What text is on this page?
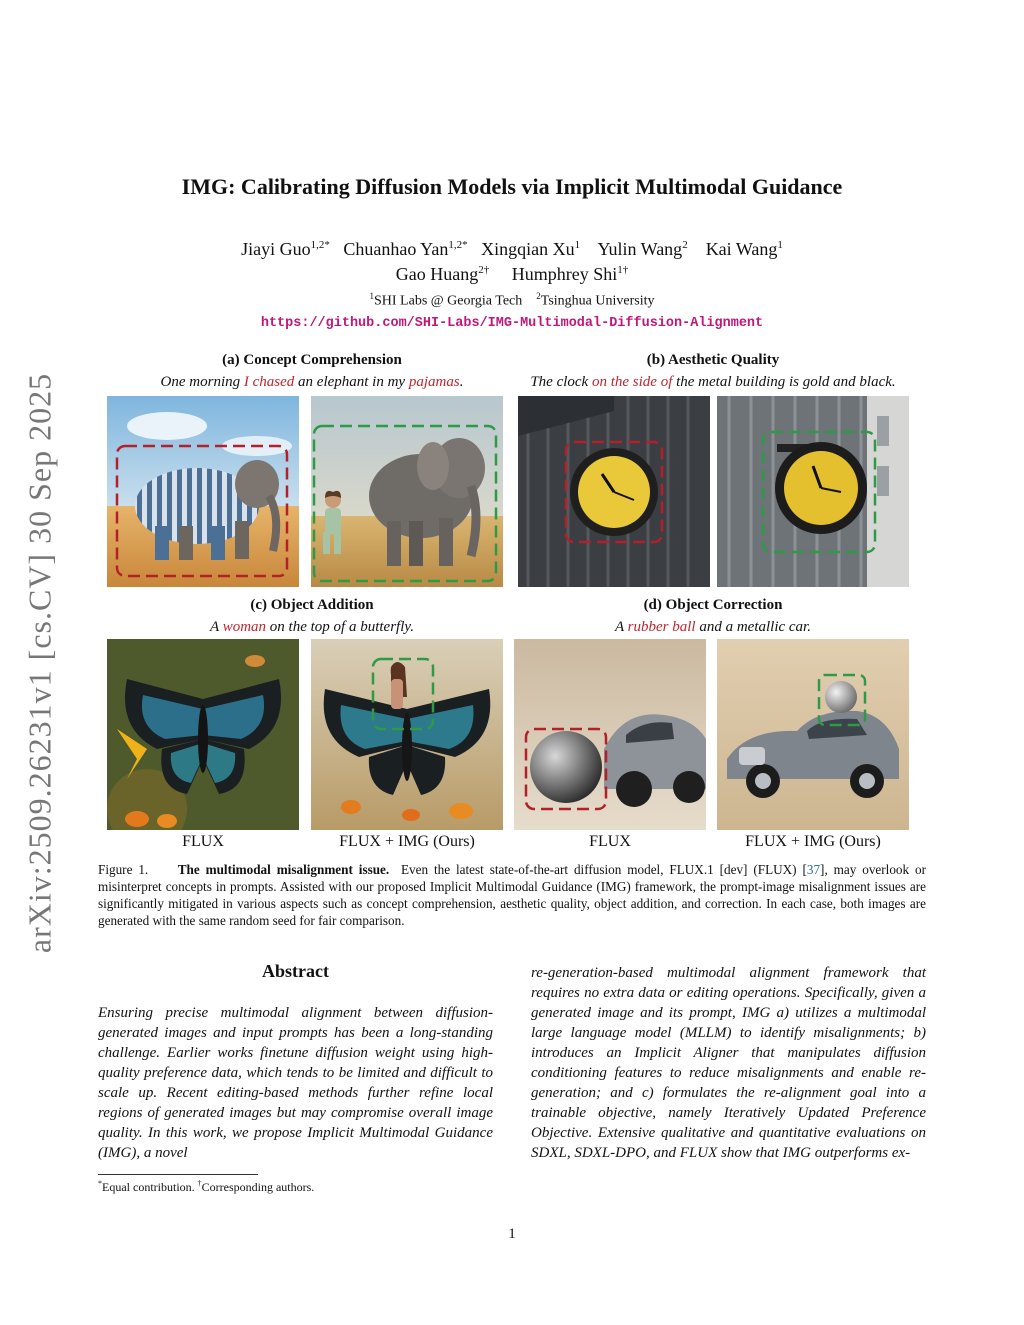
arXiv:2509.26231v1 [cs.CV] 30 Sep 2025
IMG: Calibrating Diffusion Models via Implicit Multimodal Guidance
Jiayi Guo$^{1,2*}$ Chuanhao Yan$^{1,2*}$ Xingqian Xu$^1$ Yulin Wang$^2$ Kai Wang$^1$
Gao Huang$^{2\dagger}$ Humphrey Shi$^{1\dagger}$
$^1$SHI Labs @ Georgia Tech $^2$Tsinghua University
https://github.com/SHI-Labs/IMG-Multimodal-Diffusion-Alignment
(a) Concept Comprehension
One morning I chased an elephant in my pajamas.
(b) Aesthetic Quality
The clock on the side of the metal building is gold and black.
(c) Object Addition
A woman on the top of a butterfly.
(d) Object Correction
A rubber ball and a metallic car.
FLUX	FLUX + IMG (Ours)	FLUX	FLUX + IMG (Ours)
Figure 1. The multimodal misalignment issue. Even the latest state-of-the-art diffusion model, FLUX.1 [dev] (FLUX) [37], may overlook or misinterpret concepts in prompts. Assisted with our proposed Implicit Multimodal Guidance (IMG) framework, the prompt-image misalignment issues are significantly mitigated in various aspects such as concept comprehension, aesthetic quality, object addition, and correction. In each case, both images are generated with the same random seed for fair comparison.
Abstract

Ensuring precise multimodal alignment between diffusion-generated images and input prompts has been a long-standing challenge. Earlier works finetune diffusion weight using high-quality preference data, which tends to be limited and difficult to scale up. Recent editing-based methods further refine local regions of generated images but may compromise overall image quality. In this work, we propose Implicit Multimodal Guidance (IMG), a novel

re-generation-based multimodal alignment framework that requires no extra data or editing operations. Specifically, given a generated image and its prompt, IMG a) utilizes a multimodal large language model (MLLM) to identify misalignments; b) introduces an Implicit Aligner that manipulates diffusion conditioning features to reduce misalignments and enable re-generation; and c) formulates the re-alignment goal into a trainable objective, namely Iteratively Updated Preference Objective. Extensive qualitative and quantitative evaluations on SDXL, SDXL-DPO, and FLUX show that IMG outperforms ex-

*Equal contribution. †Corresponding authors.
1
